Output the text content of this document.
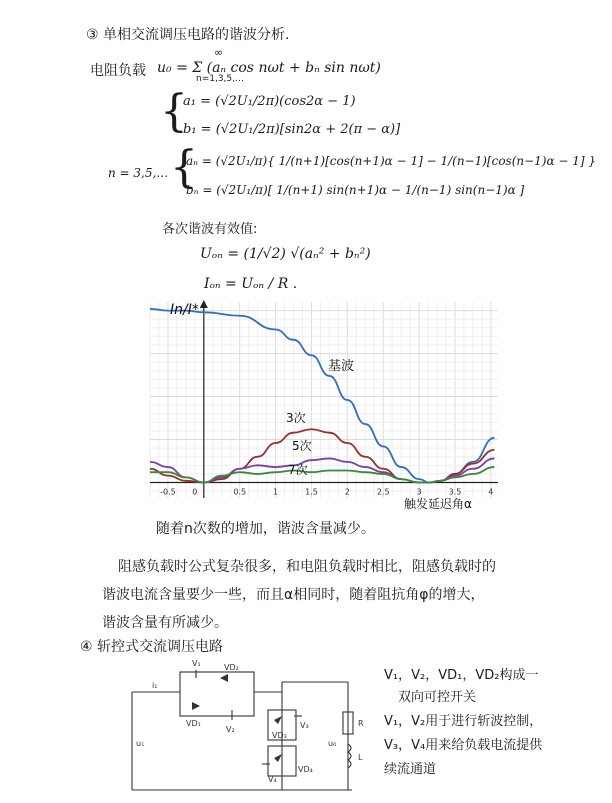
③ 单相交流调压电路的谐波分析.
电阻负载
∞
u₀ = Σ (aₙ cos nωt + bₙ sin nωt)
n=1,3,5,…
{
a₁ = (√2U₁/2π)(cos2α − 1)
b₁ = (√2U₁/2π)[sin2α + 2(π − α)]
n = 3,5,… {
aₙ = (√2U₁/π){ 1/(n+1)[cos(n+1)α − 1] − 1/(n−1)[cos(n−1)α − 1] }
bₙ = (√2U₁/π)[ 1/(n+1) sin(n+1)α − 1/(n−1) sin(n−1)α ]
各次谐波有效值:
Uₒₙ = (1/√2) √(aₙ² + bₙ²)
Iₒₙ = Uₒₙ / R .
-0.5 0	0.5	1	1.5	2	2.5	3	3.5	4
In/I*
基波
3次
5次
7次
触发延迟角α
随着n次数的增加，谐波含量减少。
阻感负载时公式复杂很多，和电阻负载时相比，阻感负载时的
谐波电流含量要少一些，而且α相同时，随着阻抗角φ的增大，
谐波含量有所减少。
④ 斩控式交流调压电路
V₁	VD₂
VD₁
V₂	V₃
VD₃
V₄
VD₄
i₁
u₁	u₀
R
L
V₁，V₂，VD₁，VD₂构成一
双向可控开关
V₁，V₂用于进行斩波控制，
V₃，V₄用来给负载电流提供
续流通道
